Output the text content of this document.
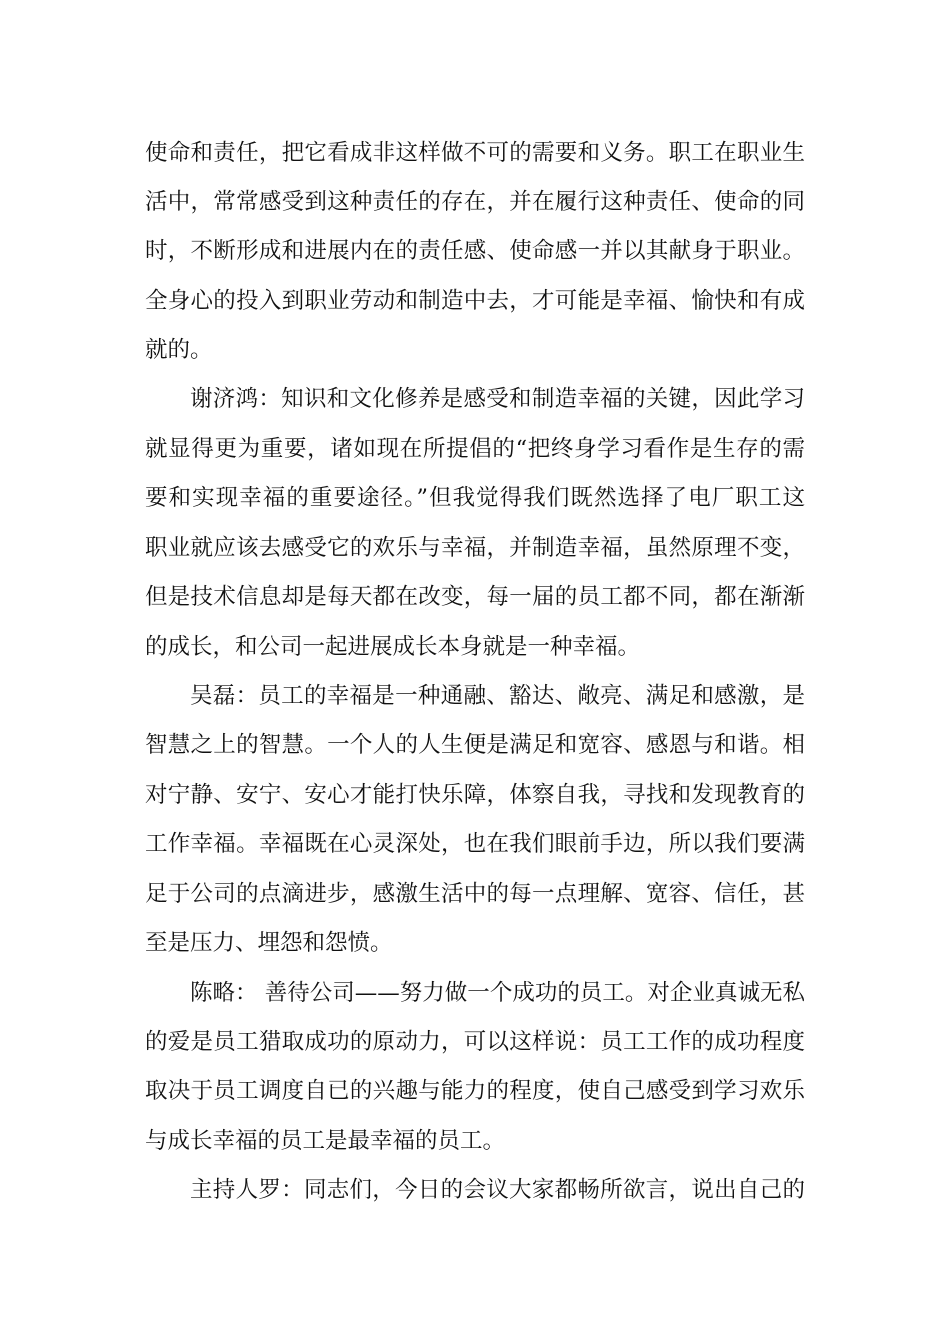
使命和责任，把它看成非这样做不可的需要和义务。职工在职业生
活中，常常感受到这种责任的存在，并在履行这种责任、使命的同
时，不断形成和进展内在的责任感、使命感一并以其献身于职业。
全身心的投入到职业劳动和制造中去，才可能是幸福、愉快和有成
就的。
谢济鸿：知识和文化修养是感受和制造幸福的关键，因此学习
就显得更为重要，诸如现在所提倡的“把终身学习看作是生存的需
要和实现幸福的重要途径。”但我觉得我们既然选择了电厂职工这
职业就应该去感受它的欢乐与幸福，并制造幸福，虽然原理不变，
但是技术信息却是每天都在改变，每一届的员工都不同，都在渐渐
的成长，和公司一起进展成长本身就是一种幸福。
吴磊：员工的幸福是一种通融、豁达、敞亮、满足和感激，是
智慧之上的智慧。一个人的人生便是满足和宽容、感恩与和谐。相
对宁静、安宁、安心才能打快乐障，体察自我，寻找和发现教育的
工作幸福。幸福既在心灵深处，也在我们眼前手边，所以我们要满
足于公司的点滴进步，感激生活中的每一点理解、宽容、信任，甚
至是压力、埋怨和怨愤。
陈略： 善待公司——努力做一个成功的员工。对企业真诚无私
的爱是员工猎取成功的原动力，可以这样说：员工工作的成功程度
取决于员工调度自已的兴趣与能力的程度，使自己感受到学习欢乐
与成长幸福的员工是最幸福的员工。
主持人罗：同志们，今日的会议大家都畅所欲言，说出自己的
